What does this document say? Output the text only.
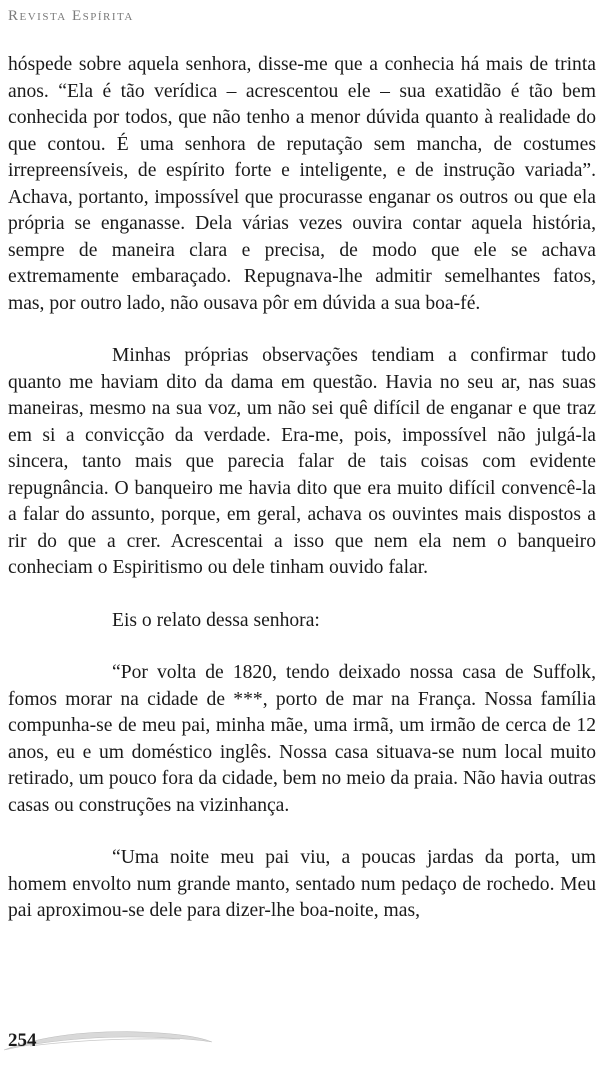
Revista Espírita

hóspede sobre aquela senhora, disse-me que a conhecia há mais de trinta anos. “Ela é tão verídica – acrescentou ele – sua exatidão é tão bem conhecida por todos, que não tenho a menor dúvida quanto à realidade do que contou. É uma senhora de reputação sem mancha, de costumes irrepreensíveis, de espírito forte e inteligente, e de instrução variada”. Achava, portanto, impossível que procurasse enganar os outros ou que ela própria se enganasse. Dela várias vezes ouvira contar aquela história, sempre de maneira clara e precisa, de modo que ele se achava extremamente embaraçado. Repugnava-lhe admitir semelhantes fatos, mas, por outro lado, não ousava pôr em dúvida a sua boa-fé.

Minhas próprias observações tendiam a confirmar tudo quanto me haviam dito da dama em questão. Havia no seu ar, nas suas maneiras, mesmo na sua voz, um não sei quê difícil de enganar e que traz em si a convicção da verdade. Era-me, pois, impossível não julgá-la sincera, tanto mais que parecia falar de tais coisas com evidente repugnância. O banqueiro me havia dito que era muito difícil convencê-la a falar do assunto, porque, em geral, achava os ouvintes mais dispostos a rir do que a crer. Acrescentai a isso que nem ela nem o banqueiro conheciam o Espiritismo ou dele tinham ouvido falar.

Eis o relato dessa senhora:

“Por volta de 1820, tendo deixado nossa casa de Suffolk, fomos morar na cidade de ***, porto de mar na França. Nossa família compunha-se de meu pai, minha mãe, uma irmã, um irmão de cerca de 12 anos, eu e um doméstico inglês. Nossa casa situava-se num local muito retirado, um pouco fora da cidade, bem no meio da praia. Não havia outras casas ou construções na vizinhança.

“Uma noite meu pai viu, a poucas jardas da porta, um homem envolto num grande manto, sentado num pedaço de rochedo. Meu pai aproximou-se dele para dizer-lhe boa-noite, mas,

254
